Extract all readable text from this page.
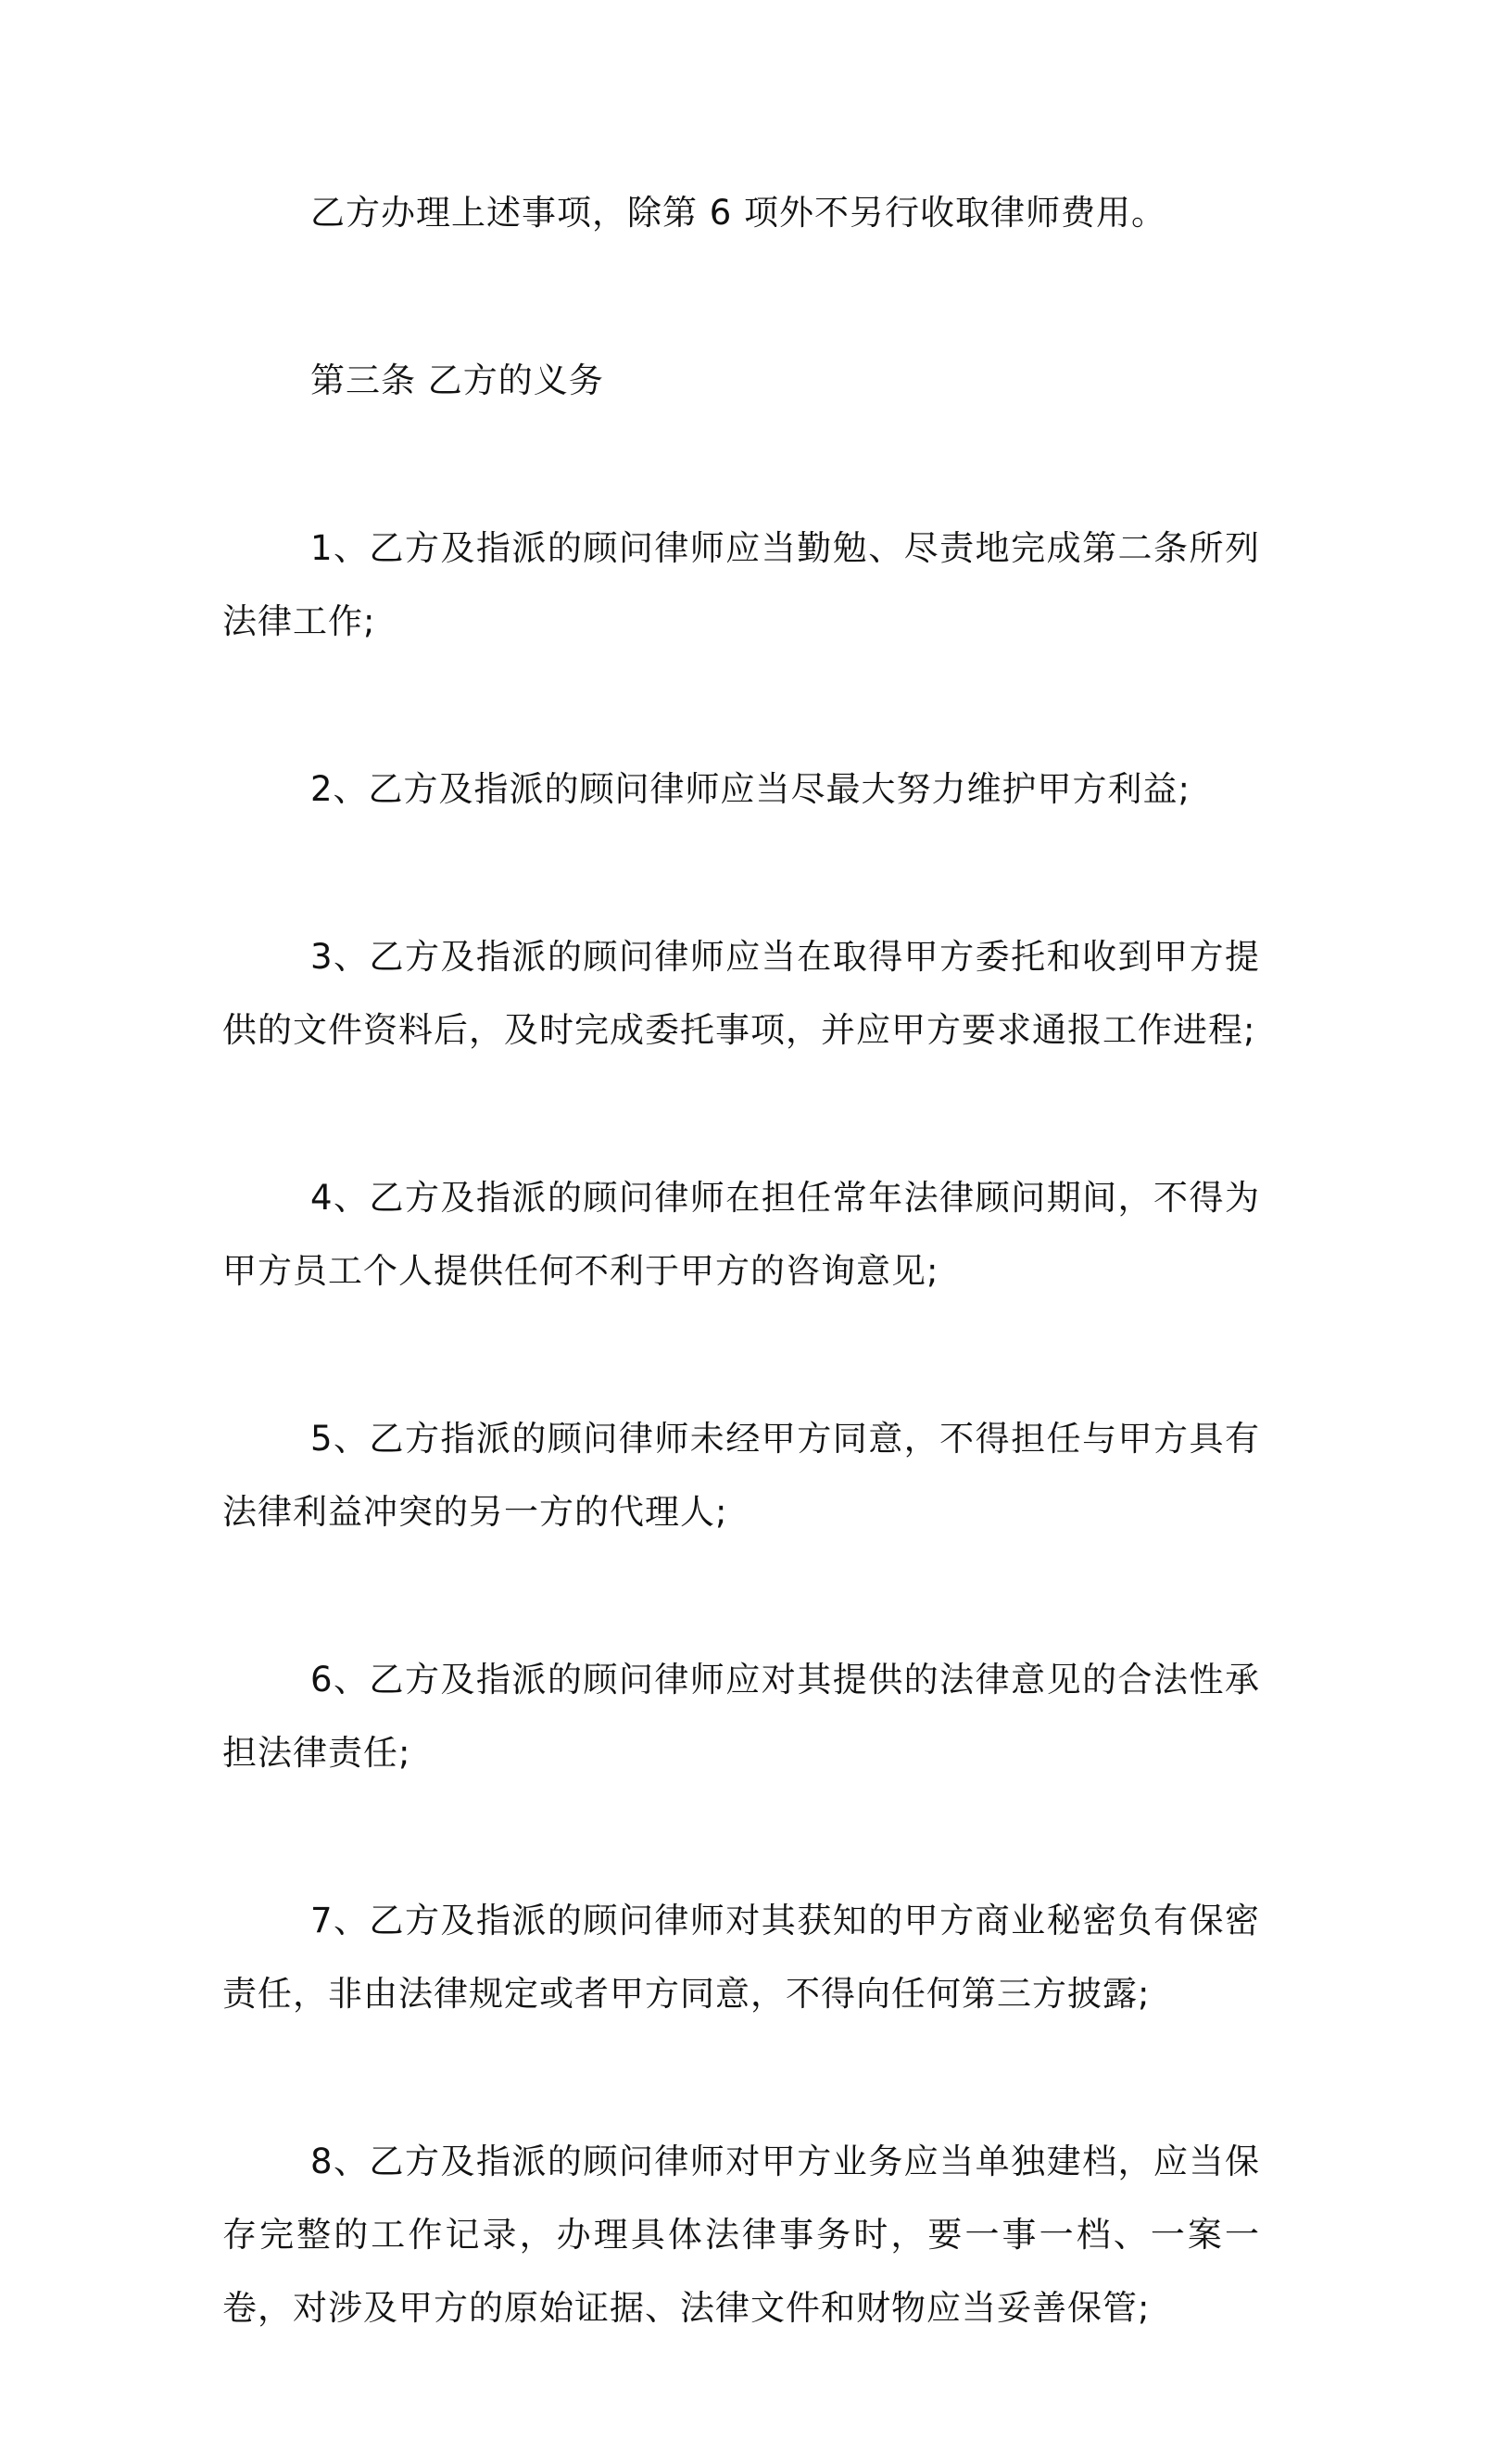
乙方办理上述事项，除第 6 项外不另行收取律师费用。

第三条 乙方的义务

1、乙方及指派的顾问律师应当勤勉、尽责地完成第二条所列法律工作;

2、乙方及指派的顾问律师应当尽最大努力维护甲方利益;

3、乙方及指派的顾问律师应当在取得甲方委托和收到甲方提供的文件资料后，及时完成委托事项，并应甲方要求通报工作进程;

4、乙方及指派的顾问律师在担任常年法律顾问期间，不得为甲方员工个人提供任何不利于甲方的咨询意见;

5、乙方指派的顾问律师未经甲方同意，不得担任与甲方具有法律利益冲突的另一方的代理人;

6、乙方及指派的顾问律师应对其提供的法律意见的合法性承担法律责任;

7、乙方及指派的顾问律师对其获知的甲方商业秘密负有保密责任，非由法律规定或者甲方同意，不得向任何第三方披露;

8、乙方及指派的顾问律师对甲方业务应当单独建档，应当保存完整的工作记录，办理具体法律事务时，要一事一档、一案一卷，对涉及甲方的原始证据、法律文件和财物应当妥善保管;
